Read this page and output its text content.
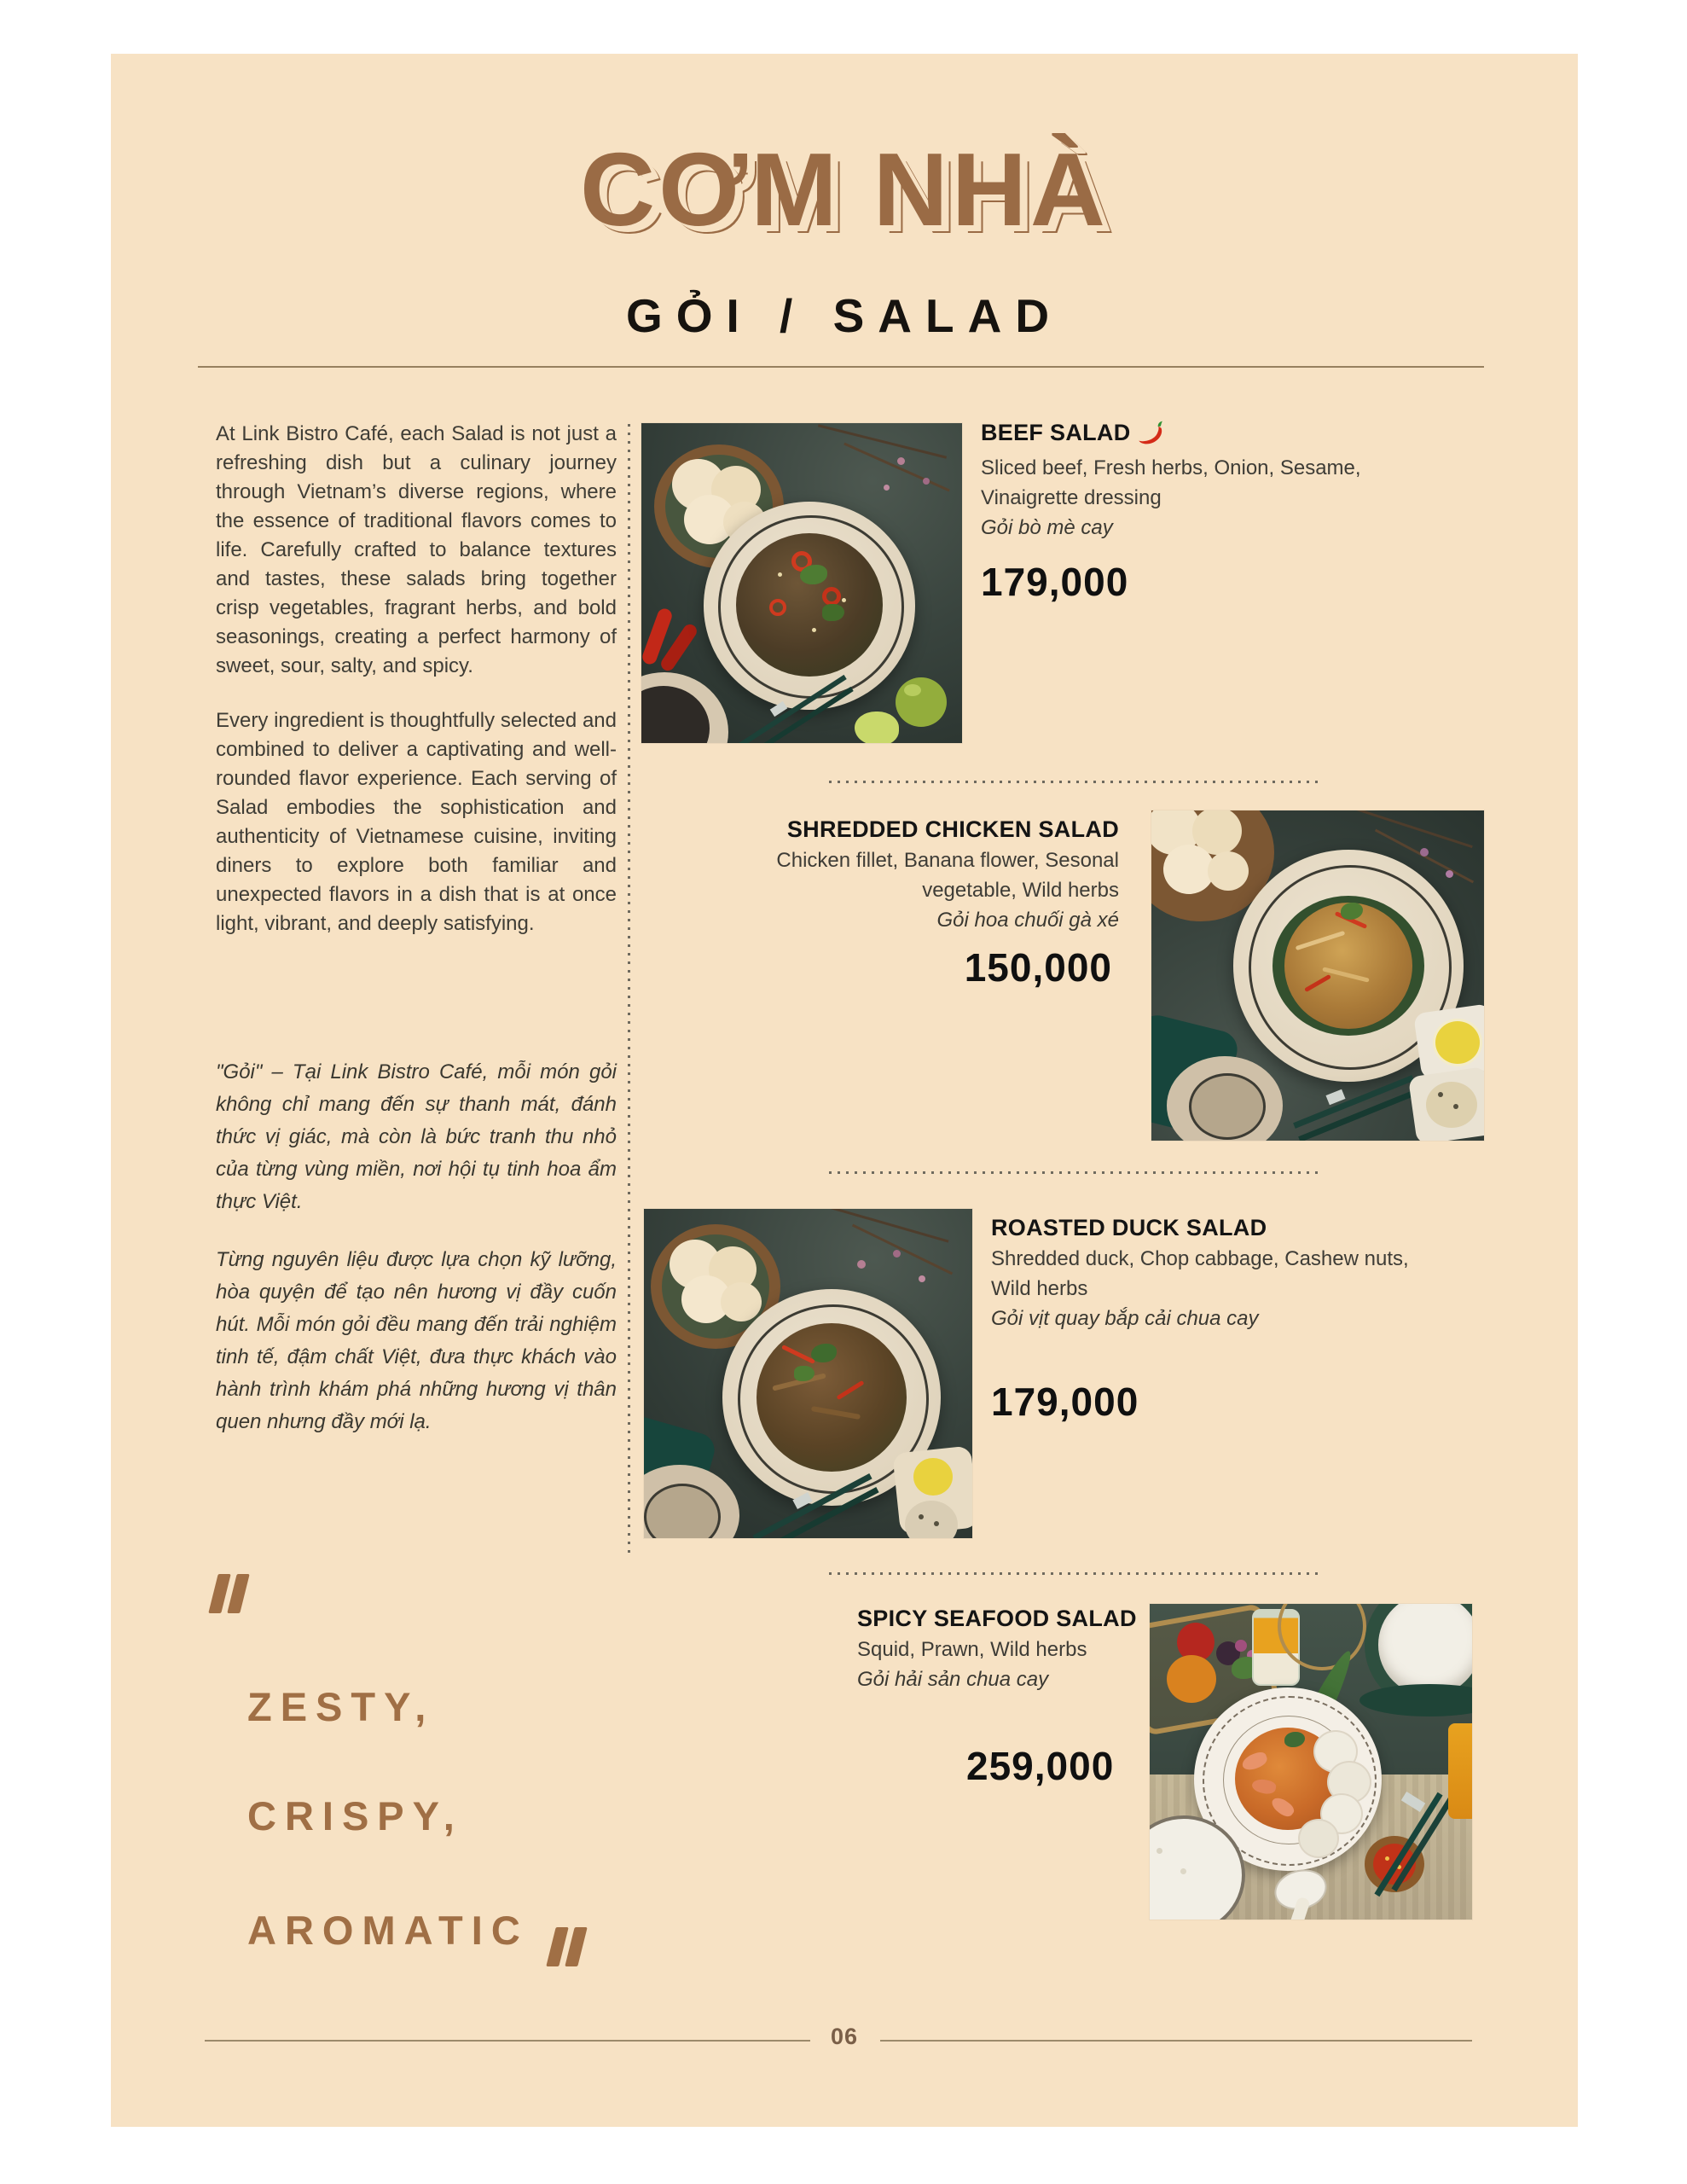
CƠM NHÀ
GỎI / SALAD

At Link Bistro Café, each Salad is not just a refreshing dish but a culinary journey through Vietnam’s diverse regions, where the essence of traditional flavors comes to life. Carefully crafted to balance textures and tastes, these salads bring together crisp vegetables, fragrant herbs, and bold seasonings, creating a perfect harmony of sweet, sour, salty, and spicy.

Every ingredient is thoughtfully selected and combined to deliver a captivating and well-rounded flavor experience. Each serving of Salad embodies the sophistication and authenticity of Vietnamese cuisine, inviting diners to explore both familiar and unexpected flavors in a dish that is at once light, vibrant, and deeply satisfying.

"Gỏi" – Tại Link Bistro Café, mỗi món gỏi không chỉ mang đến sự thanh mát, đánh thức vị giác, mà còn là bức tranh thu nhỏ của từng vùng miền, nơi hội tụ tinh hoa ẩm thực Việt.

Từng nguyên liệu được lựa chọn kỹ lưỡng, hòa quyện để tạo nên hương vị đầy cuốn hút. Mỗi món gỏi đều mang đến trải nghiệm tinh tế, đậm chất Việt, đưa thực khách vào hành trình khám phá những hương vị thân quen nhưng đầy mới lạ.

BEEF SALAD
Sliced beef, Fresh herbs, Onion, Sesame, Vinaigrette dressing
Gỏi bò mè cay
179,000
SHREDDED CHICKEN SALAD
Chicken fillet, Banana flower, Sesonal vegetable, Wild herbs
Gỏi hoa chuối gà xé
150,000
ROASTED DUCK SALAD
Shredded duck, Chop cabbage, Cashew nuts, Wild herbs
Gỏi vịt quay bắp cải chua cay
179,000
SPICY SEAFOOD SALAD
Squid, Prawn, Wild herbs
Gỏi hải sản chua cay
259,000
ZESTY,
CRISPY,
AROMATIC
06
